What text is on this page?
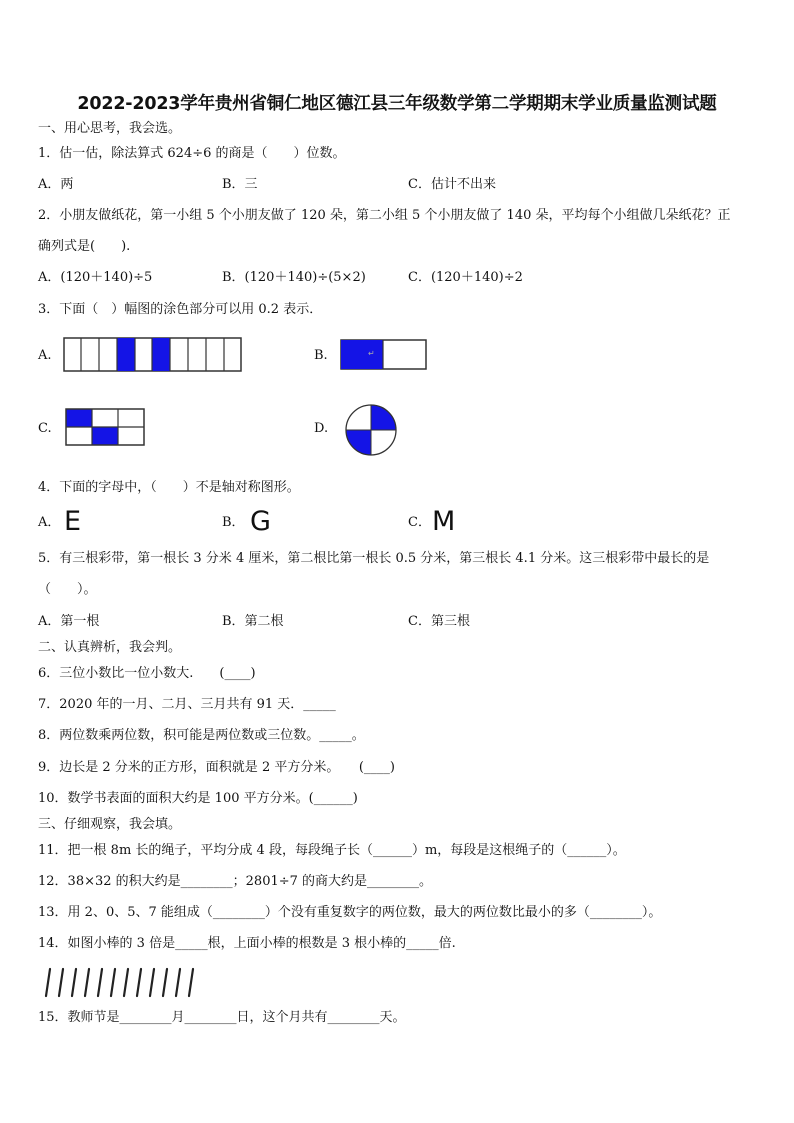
2022-2023学年贵州省铜仁地区德江县三年级数学第二学期期末学业质量监测试题
一、用心思考，我会选。
1．估一估，除法算式 624÷6 的商是（　　）位数。
A．两	B．三	C．估计不出来
2．小朋友做纸花，第一小组 5 个小朋友做了 120 朵，第二小组 5 个小朋友做了 140 朵，平均每个小组做几朵纸花？正
确列式是(　　).
A．(120＋140)÷5	B．(120＋140)÷(5×2)	C．(120＋140)÷2
3．下面（　）幅图的涂色部分可以用 0.2 表示．
A.	B.	↵
C.	D.
4．下面的字母中，（　　）不是轴对称图形。
A． E	B． G	C． M
5．有三根彩带，第一根长 3 分米 4 厘米，第二根比第一根长 0.5 分米，第三根长 4.1 分米。这三根彩带中最长的是
（　　）。
A．第一根	B．第二根	C．第三根
二、认真辨析，我会判。
6．三位小数比一位小数大.　　(____)
7．2020 年的一月、二月、三月共有 91 天．_____
8．两位数乘两位数，积可能是两位数或三位数。_____。
9．边长是 2 分米的正方形，面积就是 2 平方分米。　　(____)
10．数学书表面的面积大约是 100 平方分米。(______)
三、仔细观察，我会填。
11．把一根 8m 长的绳子，平均分成 4 段，每段绳子长（______）m，每段是这根绳子的（______）。
12．38×32 的积大约是________；2801÷7 的商大约是________。
13．用 2、0、5、7 能组成（________）个没有重复数字的两位数，最大的两位数比最小的多（________）。
14．如图小棒的 3 倍是_____根，上面小棒的根数是 3 根小棒的_____倍.
15．教师节是________月________日，这个月共有________天。
